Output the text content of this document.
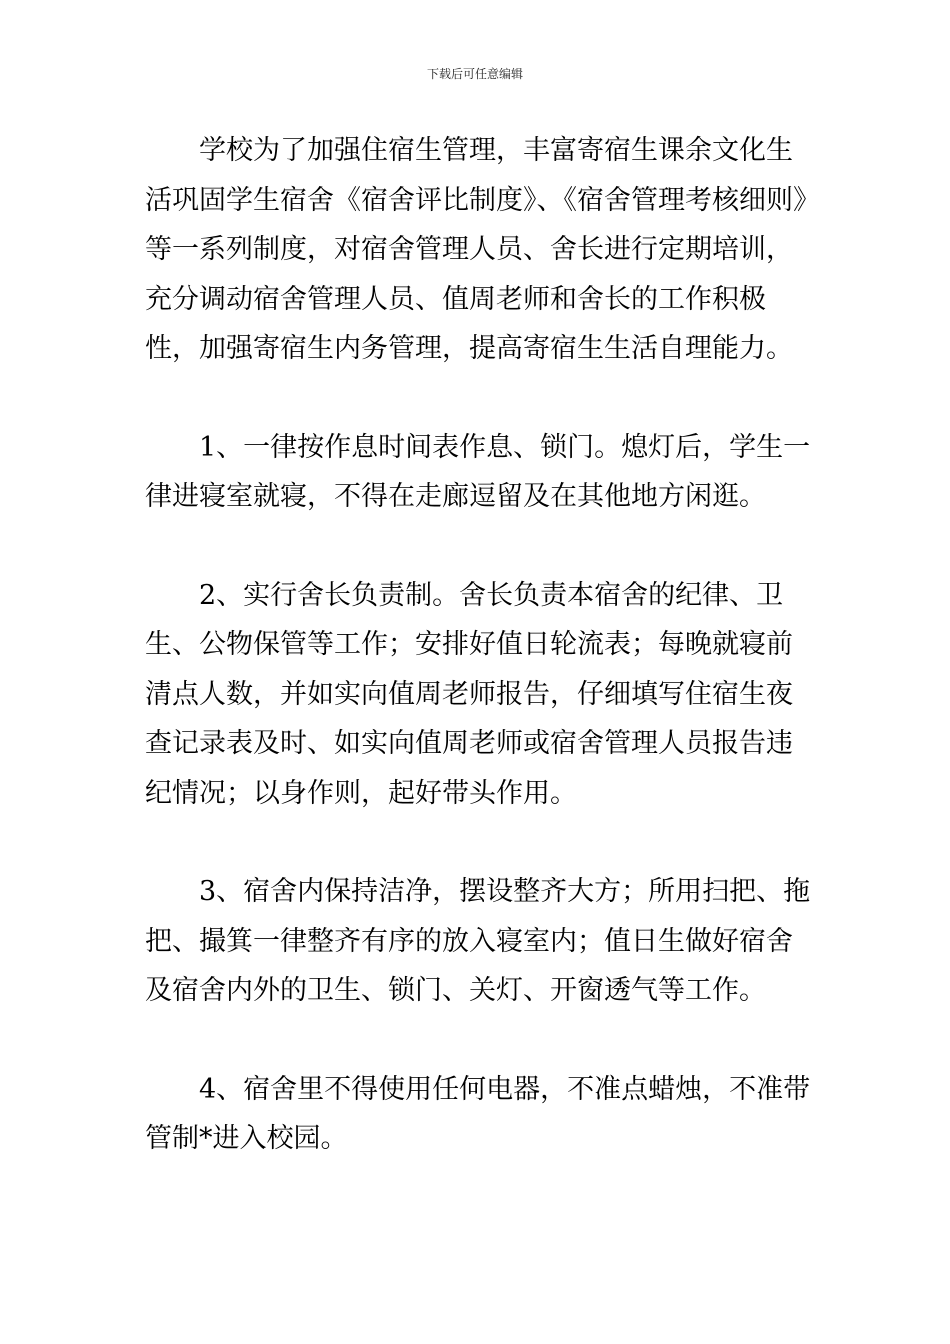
下载后可任意编辑

学校为了加强住宿生管理，丰富寄宿生课余文化生活巩固学生宿舍《宿舍评比制度》、《宿舍管理考核细则》等一系列制度，对宿舍管理人员、舍长进行定期培训，充分调动宿舍管理人员、值周老师和舍长的工作积极性，加强寄宿生内务管理，提高寄宿生生活自理能力。

1、一律按作息时间表作息、锁门。熄灯后，学生一律进寝室就寝，不得在走廊逗留及在其他地方闲逛。

2、实行舍长负责制。舍长负责本宿舍的纪律、卫生、公物保管等工作；安排好值日轮流表；每晚就寝前清点人数，并如实向值周老师报告，仔细填写住宿生夜查记录表及时、如实向值周老师或宿舍管理人员报告违纪情况；以身作则，起好带头作用。

3、宿舍内保持洁净，摆设整齐大方；所用扫把、拖把、撮箕一律整齐有序的放入寝室内；值日生做好宿舍及宿舍内外的卫生、锁门、关灯、开窗透气等工作。

4、宿舍里不得使用任何电器，不准点蜡烛，不准带管制*进入校园。
